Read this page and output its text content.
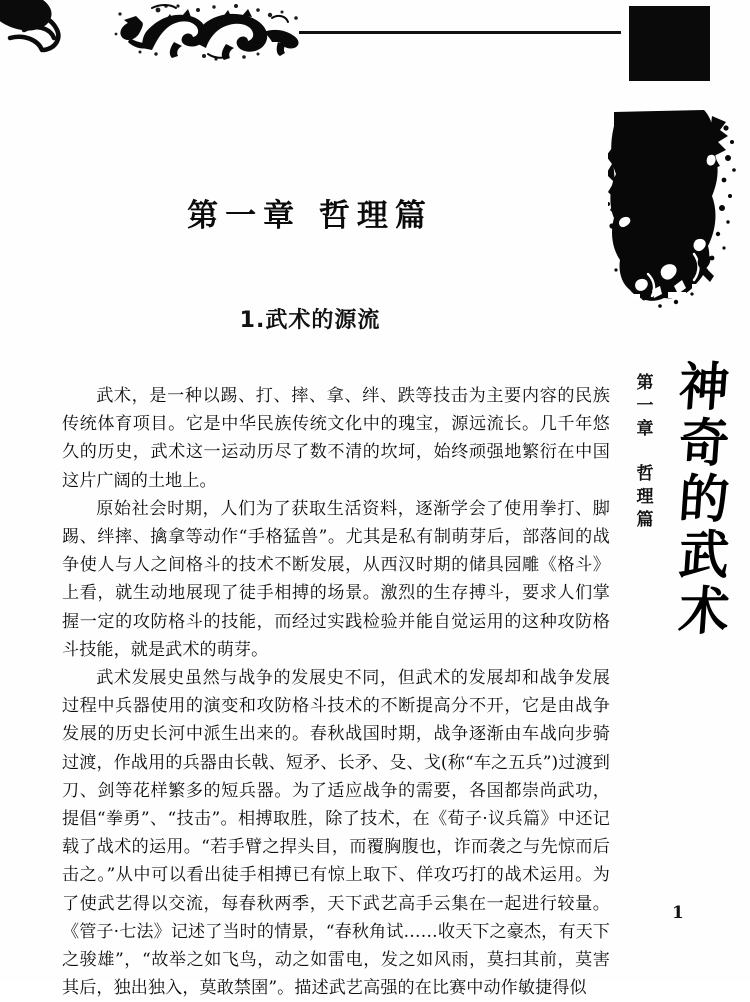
第一章 哲理篇
1.武术的源流

武术，是一种以踢、打、摔、拿、绊、跌等技击为主要内容的民族传统体育项目。它是中华民族传统文化中的瑰宝，源远流长。几千年悠久的历史，武术这一运动历尽了数不清的坎坷，始终顽强地繁衍在中国这片广阔的土地上。

原始社会时期，人们为了获取生活资料，逐渐学会了使用拳打、脚踢、绊摔、擒拿等动作“手格猛兽”。尤其是私有制萌芽后，部落间的战争使人与人之间格斗的技术不断发展，从西汉时期的储具园雕《格斗》上看，就生动地展现了徒手相搏的场景。激烈的生存搏斗，要求人们掌握一定的攻防格斗的技能，而经过实践检验并能自觉运用的这种攻防格斗技能，就是武术的萌芽。

武术发展史虽然与战争的发展史不同，但武术的发展却和战争发展过程中兵器使用的演变和攻防格斗技术的不断提高分不开，它是由战争发展的历史长河中派生出来的。春秋战国时期，战争逐渐由车战向步骑过渡，作战用的兵器由长戟、短矛、长矛、殳、戈(称“车之五兵”)过渡到刀、剑等花样繁多的短兵器。为了适应战争的需要，各国都崇尚武功，提倡“拳勇”、“技击”。相搏取胜，除了技术，在《荀子·议兵篇》中还记载了战术的运用。“若手臂之捍头目，而覆胸腹也，诈而袭之与先惊而后击之。”从中可以看出徒手相搏已有惊上取下、佯攻巧打的战术运用。为了使武艺得以交流，每春秋两季，天下武艺高手云集在一起进行较量。《管子·七法》记述了当时的情景，“春秋角试……收天下之豪杰，有天下之骏雄”，“故举之如飞鸟，动之如雷电，发之如风雨，莫扫其前，莫害其后，独出独入，莫敢禁圉”。描述武艺高强的在比赛中动作敏捷得似

第一章
哲理篇
神
奇
的
武
术
1
